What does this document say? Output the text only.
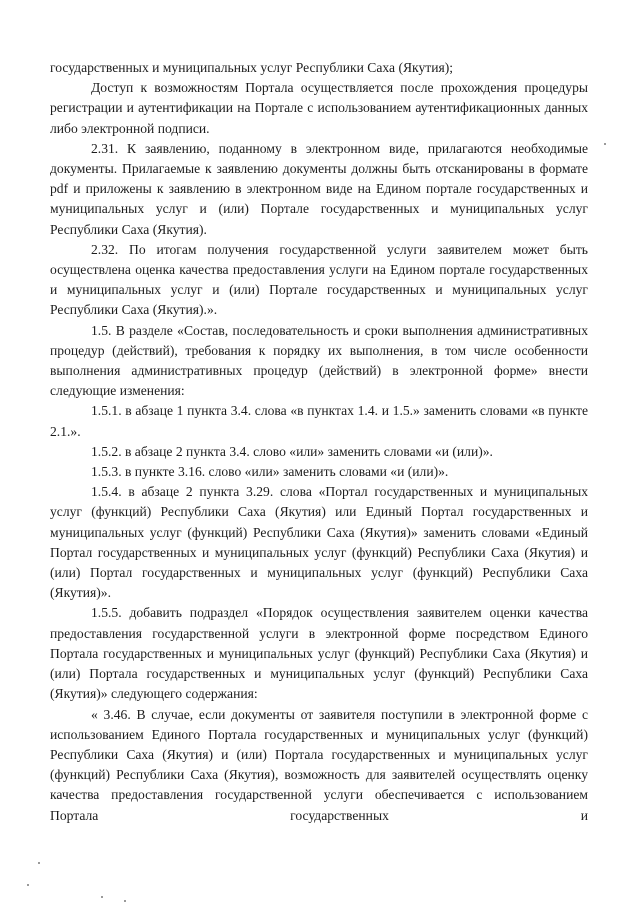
государственных и муниципальных услуг Республики Саха (Якутия);

Доступ к возможностям Портала осуществляется после прохождения процедуры регистрации и аутентификации на Портале с использованием аутентификационных данных либо электронной подписи.

2.31. К заявлению, поданному в электронном виде, прилагаются необходимые документы. Прилагаемые к заявлению документы должны быть отсканированы в формате pdf и приложены к заявлению в электронном виде на Едином портале государственных и муниципальных услуг и (или) Портале государственных и муниципальных услуг Республики Саха (Якутия).

2.32. По итогам получения государственной услуги заявителем может быть осуществлена оценка качества предоставления услуги на Едином портале государственных и муниципальных услуг и (или) Портале государственных и муниципальных услуг Республики Саха (Якутия).».

1.5. В разделе «Состав, последовательность и сроки выполнения административных процедур (действий), требования к порядку их выполнения, в том числе особенности выполнения административных процедур (действий) в электронной форме» внести следующие изменения:

1.5.1. в абзаце 1 пункта 3.4. слова «в пунктах 1.4. и 1.5.» заменить словами «в пункте 2.1.».

1.5.2. в абзаце 2 пункта 3.4. слово «или» заменить словами «и (или)».

1.5.3. в пункте 3.16. слово «или» заменить словами «и (или)».

1.5.4. в абзаце 2 пункта 3.29. слова «Портал государственных и муниципальных услуг (функций) Республики Саха (Якутия) или Единый Портал государственных и муниципальных услуг (функций) Республики Саха (Якутия)» заменить словами «Единый Портал государственных и муниципальных услуг (функций) Республики Саха (Якутия) и (или) Портал государственных и муниципальных услуг (функций) Республики Саха (Якутия)».

1.5.5. добавить подраздел «Порядок осуществления заявителем оценки качества предоставления государственной услуги в электронной форме посредством Единого Портала государственных и муниципальных услуг (функций) Республики Саха (Якутия) и (или) Портала государственных и муниципальных услуг (функций) Республики Саха (Якутия)» следующего содержания:

« 3.46. В случае, если документы от заявителя поступили в электронной форме с использованием Единого Портала государственных и муниципальных услуг (функций) Республики Саха (Якутия) и (или) Портала государственных и муниципальных услуг (функций) Республики Саха (Якутия), возможность для заявителей осуществлять оценку качества предоставления государственной услуги обеспечивается с использованием Портала государственных и
